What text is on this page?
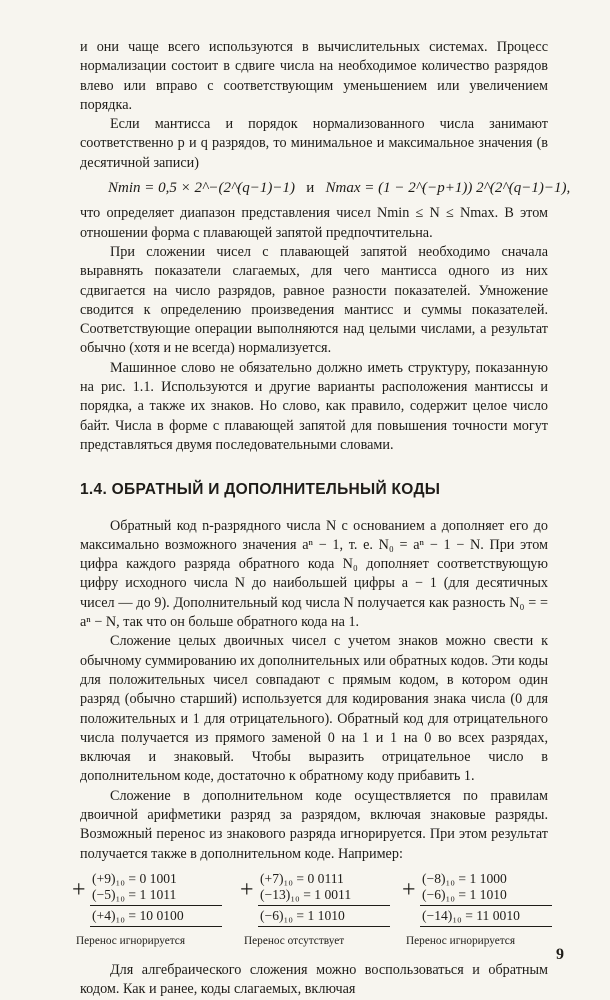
и они чаще всего используются в вычислительных системах. Процесс нормализации состоит в сдвиге числа на необходимое количество разрядов влево или вправо с соответствующим уменьшением или увеличением порядка.

Если мантисса и порядок нормализованного числа занимают соответственно p и q разрядов, то минимальное и максимальное значения (в десятичной записи)

Nmin = 0,5 × 2^−(2^(q−1)−1) и Nmax = (1 − 2^(−p+1)) 2^(2^(q−1)−1),

что определяет диапазон представления чисел Nmin ≤ N ≤ Nmax. В этом отношении форма с плавающей запятой предпочтительна.

При сложении чисел с плавающей запятой необходимо сначала выравнять показатели слагаемых, для чего мантисса одного из них сдвигается на число разрядов, равное разности показателей. Умножение сводится к определению произведения мантисс и суммы показателей. Соответствующие операции выполняются над целыми числами, а результат обычно (хотя и не всегда) нормализуется.

Машинное слово не обязательно должно иметь структуру, показанную на рис. 1.1. Используются и другие варианты расположения мантиссы и порядка, а также их знаков. Но слово, как правило, содержит целое число байт. Числа в форме с плавающей запятой для повышения точности могут представляться двумя последовательными словами.

1.4. ОБРАТНЫЙ И ДОПОЛНИТЕЛЬНЫЙ КОДЫ

Обратный код n-разрядного числа N с основанием a дополняет его до максимально возможного значения aⁿ − 1, т. е. N₀ = aⁿ − 1 − N. При этом цифра каждого разряда обратного кода N₀ дополняет соответствующую цифру исходного числа N до наибольшей цифры a − 1 (для десятичных чисел — до 9). Дополнительный код числа N получается как разность N₀ = = aⁿ − N, так что он больше обратного кода на 1.

Сложение целых двоичных чисел с учетом знаков можно свести к обычному суммированию их дополнительных или обратных кодов. Эти коды для положительных чисел совпадают с прямым кодом, в котором один разряд (обычно старший) используется для кодирования знака числа (0 для положительных и 1 для отрицательного). Обратный код для отрицательного числа получается из прямого заменой 0 на 1 и 1 на 0 во всех разрядах, включая и знаковый. Чтобы выразить отрицательное число в дополнительном коде, достаточно к обратному коду прибавить 1.

Сложение в дополнительном коде осуществляется по правилам двоичной арифметики разряд за разрядом, включая знаковые разряды. Возможный перенос из знакового разряда игнорируется. При этом результат получается также в дополнительном коде. Например:

+ (+9)₁₀ = 0 1001
(−5)₁₀ = 1 1011
(+4)₁₀ = 10 0100
Перенос игнорируется
+ (+7)₁₀ = 0 0111
(−13)₁₀ = 1 0011
(−6)₁₀ = 1 1010
Перенос отсутствует
+ (−8)₁₀ = 1 1000
(−6)₁₀ = 1 1010
(−14)₁₀ = 11 0010
Перенос игнорируется

Для алгебраического сложения можно воспользоваться и обратным кодом. Как и ранее, коды слагаемых, включая

9
